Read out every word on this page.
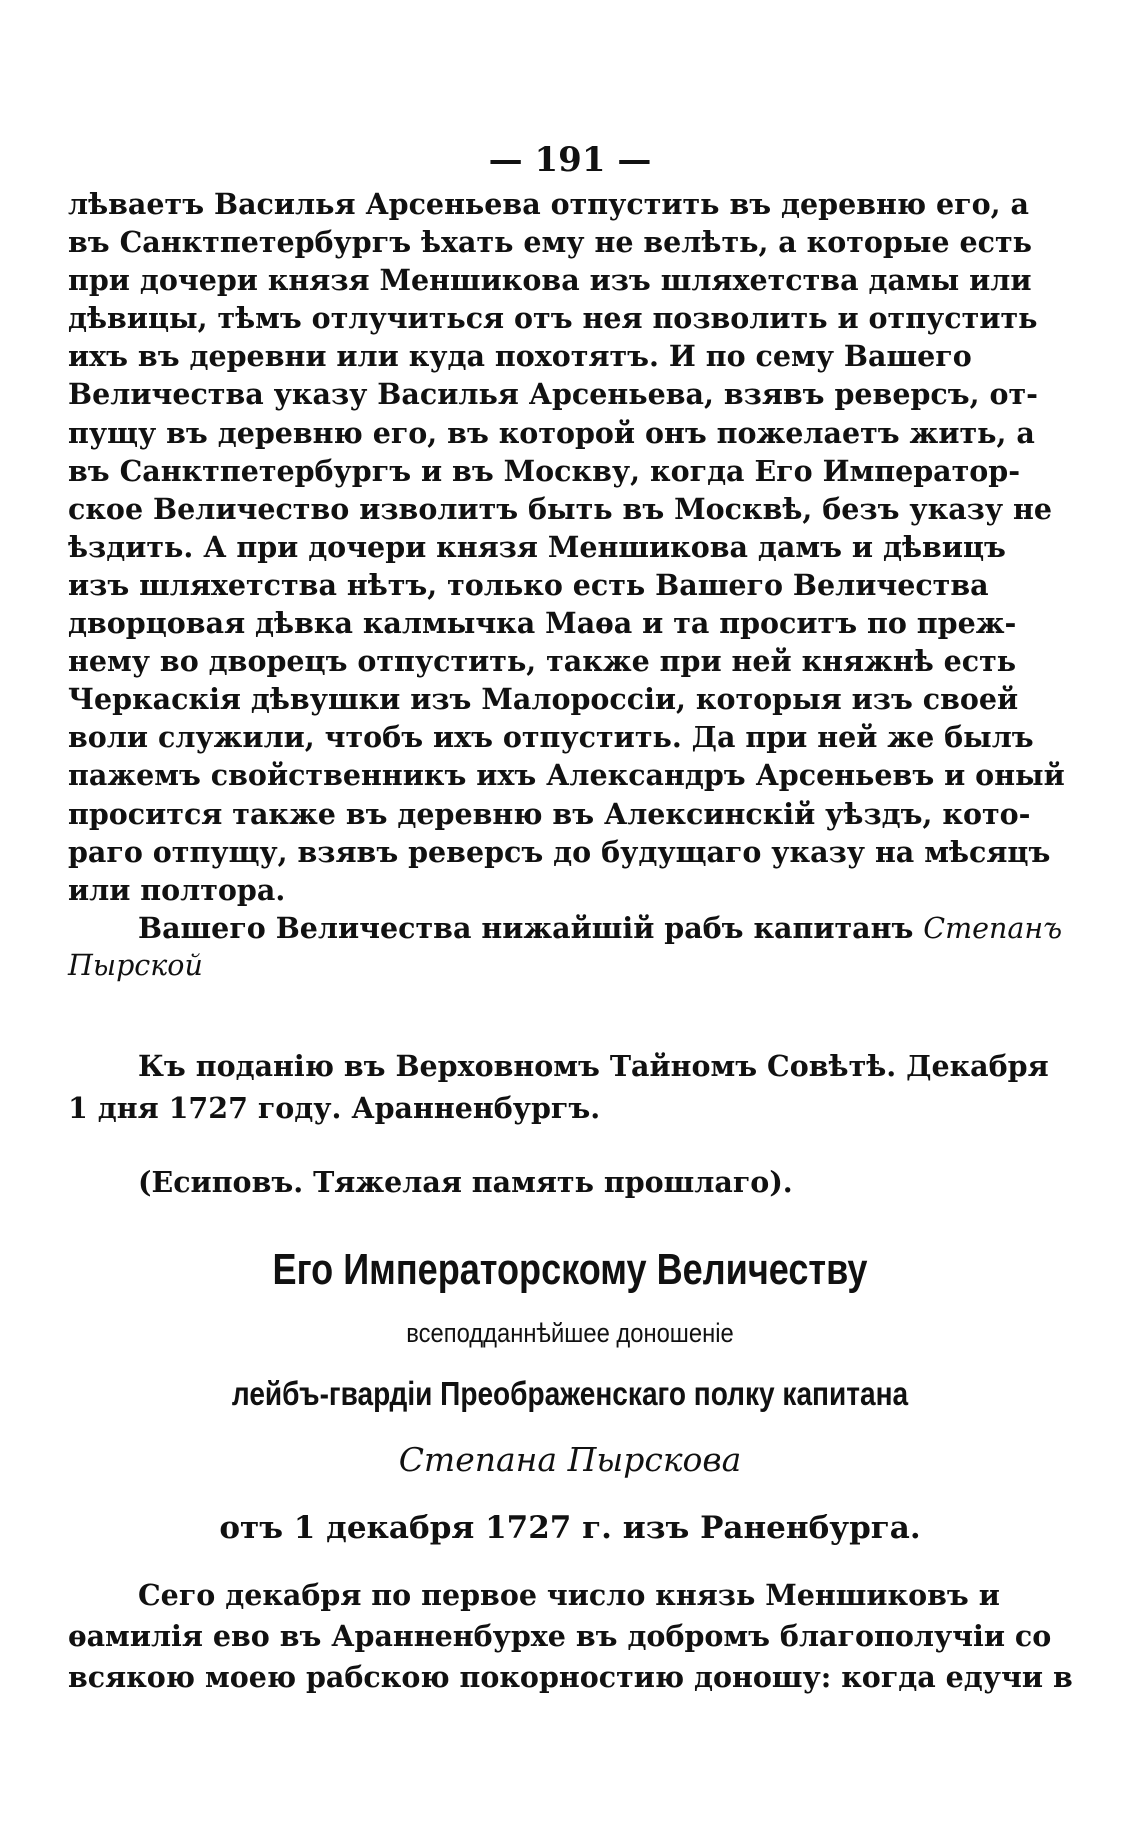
— 191 —
лѣваетъ Василья Арсеньева отпустить въ деревню его, а
въ Санктпетербургъ ѣхать ему не велѣть, а которые есть
при дочери князя Меншикова изъ шляхетства дамы или
дѣвицы, тѣмъ отлучиться отъ нея позволить и отпустить
ихъ въ деревни или куда похотятъ. И по сему Вашего
Величества указу Василья Арсеньева, взявъ реверсъ, от-
пущу въ деревню его, въ которой онъ пожелаетъ жить, а
въ Санктпетербургъ и въ Москву, когда Его Император-
ское Величество изволитъ быть въ Москвѣ, безъ указу не
ѣздить. А при дочери князя Меншикова дамъ и дѣвицъ
изъ шляхетства нѣтъ, только есть Вашего Величества
дворцовая дѣвка калмычка Маѳа и та проситъ по преж-
нему во дворецъ отпустить, также при ней княжнѣ есть
Черкаскія дѣвушки изъ Малороссіи, которыя изъ своей
воли служили, чтобъ ихъ отпустить. Да при ней же былъ
пажемъ свойственникъ ихъ Александръ Арсеньевъ и оный
просится также въ деревню въ Алексинскій уѣздъ, кото-
раго отпущу, взявъ реверсъ до будущаго указу на мѣсяцъ
или полтора.
Вашего Величества нижайшій рабъ капитанъ Степанъ
Пырской
Къ поданію въ Верховномъ Тайномъ Совѣтѣ. Декабря
1 дня 1727 году. Аранненбургъ.
(Есиповъ. Тяжелая память прошлаго).
Его Императорскому Величеству
всеподданнѣйшее доношеніе
лейбъ-гвардіи Преображенскаго полку капитана
Степана Пырскова
отъ 1 декабря 1727 г. изъ Раненбурга.
Сего декабря по первое число князь Меншиковъ и
ѳамилія ево въ Аранненбурхе въ добромъ благополучіи со
всякою моею рабскою покорностию доношу: когда едучи в
